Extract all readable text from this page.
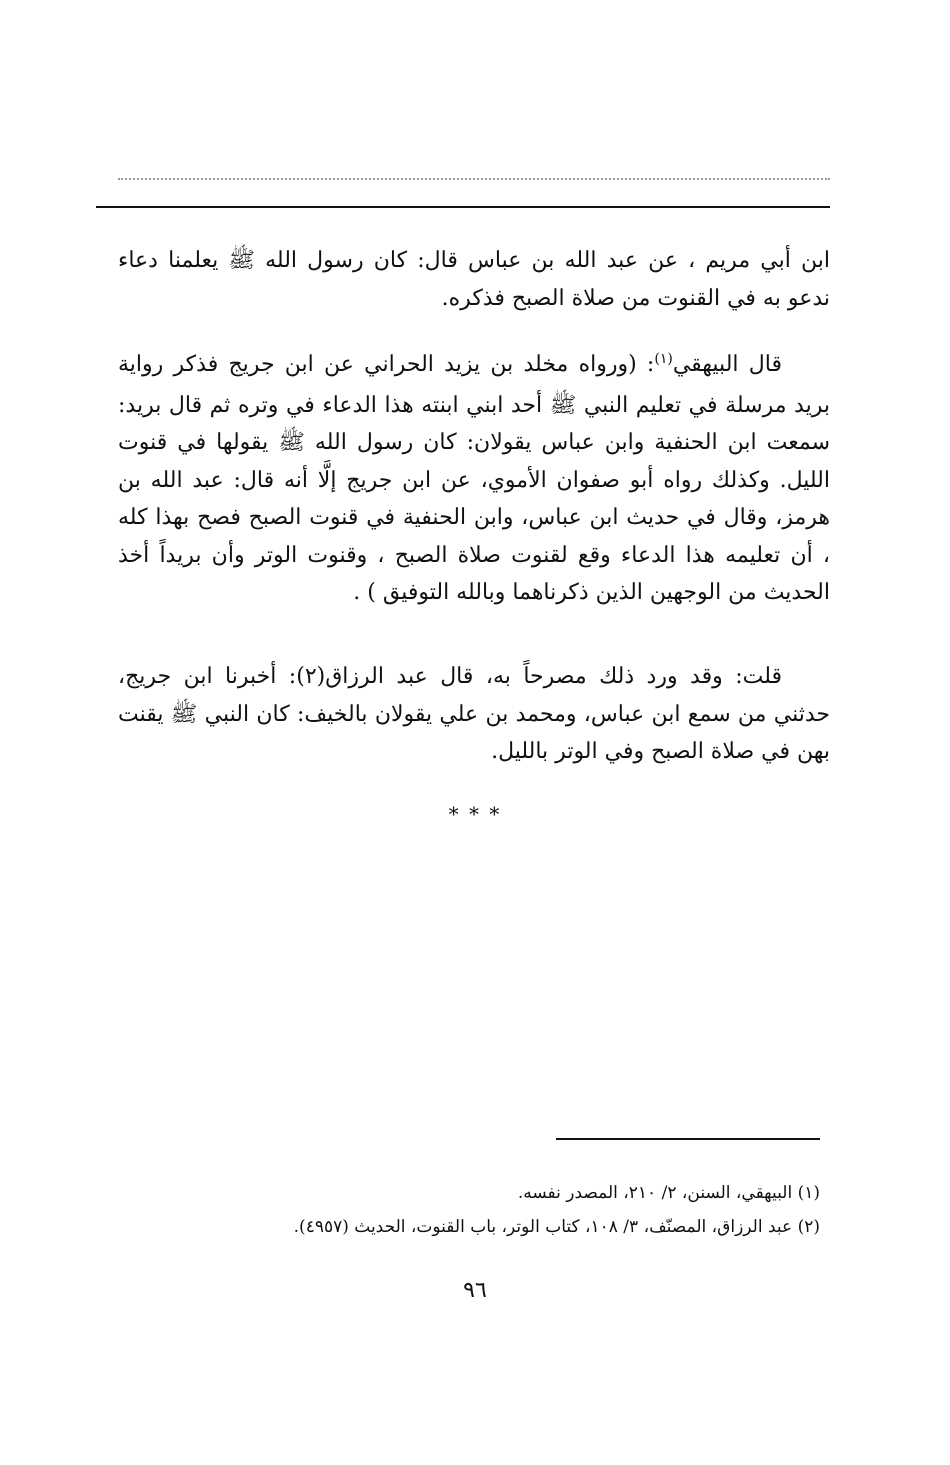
ابن أبي مريم ، عن عبد الله بن عباس قال: كان رسول الله ﷺ يعلمنا دعاء ندعو به في القنوت من صلاة الصبح فذكره.

قال البيهقي$^{(١)}$: (ورواه مخلد بن يزيد الحراني عن ابن جريج فذكر رواية بريد مرسلة في تعليم النبي ﷺ أحد ابني ابنته هذا الدعاء في وتره ثم قال بريد: سمعت ابن الحنفية وابن عباس يقولان: كان رسول الله ﷺ يقولها في قنوت الليل. وكذلك رواه أبو صفوان الأموي، عن ابن جريج إلَّا أنه قال: عبد الله بن هرمز، وقال في حديث ابن عباس، وابن الحنفية في قنوت الصبح فصح بهذا كله ، أن تعليمه هذا الدعاء وقع لقنوت صلاة الصبح ، وقنوت الوتر وأن بريداً أخذ الحديث من الوجهين الذين ذكرناهما وبالله التوفيق ) .

قلت: وقد ورد ذلك مصرحاً به، قال عبد الرزاق(٢): أخبرنا ابن جريج، حدثني من سمع ابن عباس، ومحمد بن علي يقولان بالخيف: كان النبي ﷺ يقنت بهن في صلاة الصبح وفي الوتر بالليل.

* * *

(١) البيهقي، السنن، ٢/ ٢١٠، المصدر نفسه.

(٢) عبد الرزاق، المصنّف، ٣/ ١٠٨، كتاب الوتر، باب القنوت، الحديث (٤٩٥٧).

٩٦
